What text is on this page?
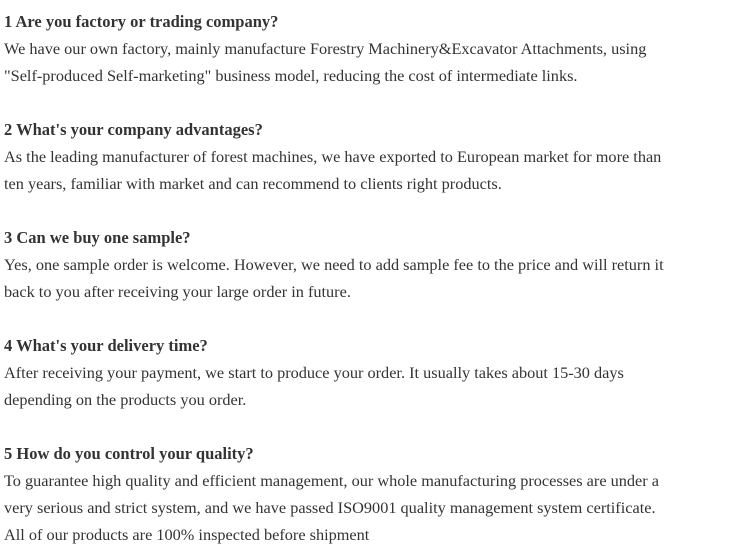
1 Are you factory or trading company?

We have our own factory, mainly manufacture Forestry Machinery&Excavator Attachments, using
"Self-produced Self-marketing" business model, reducing the cost of intermediate links.

2 What's your company advantages?

As the leading manufacturer of forest machines, we have exported to European market for more than
ten years, familiar with market and can recommend to clients right products.

3 Can we buy one sample?

Yes, one sample order is welcome. However, we need to add sample fee to the price and will return it
back to you after receiving your large order in future.

4 What's your delivery time?

After receiving your payment, we start to produce your order. It usually takes about 15-30 days
depending on the products you order.

5 How do you control your quality?

To guarantee high quality and efficient management, our whole manufacturing processes are under a
very serious and strict system, and we have passed ISO9001 quality management system certificate.
All of our products are 100% inspected before shipment
